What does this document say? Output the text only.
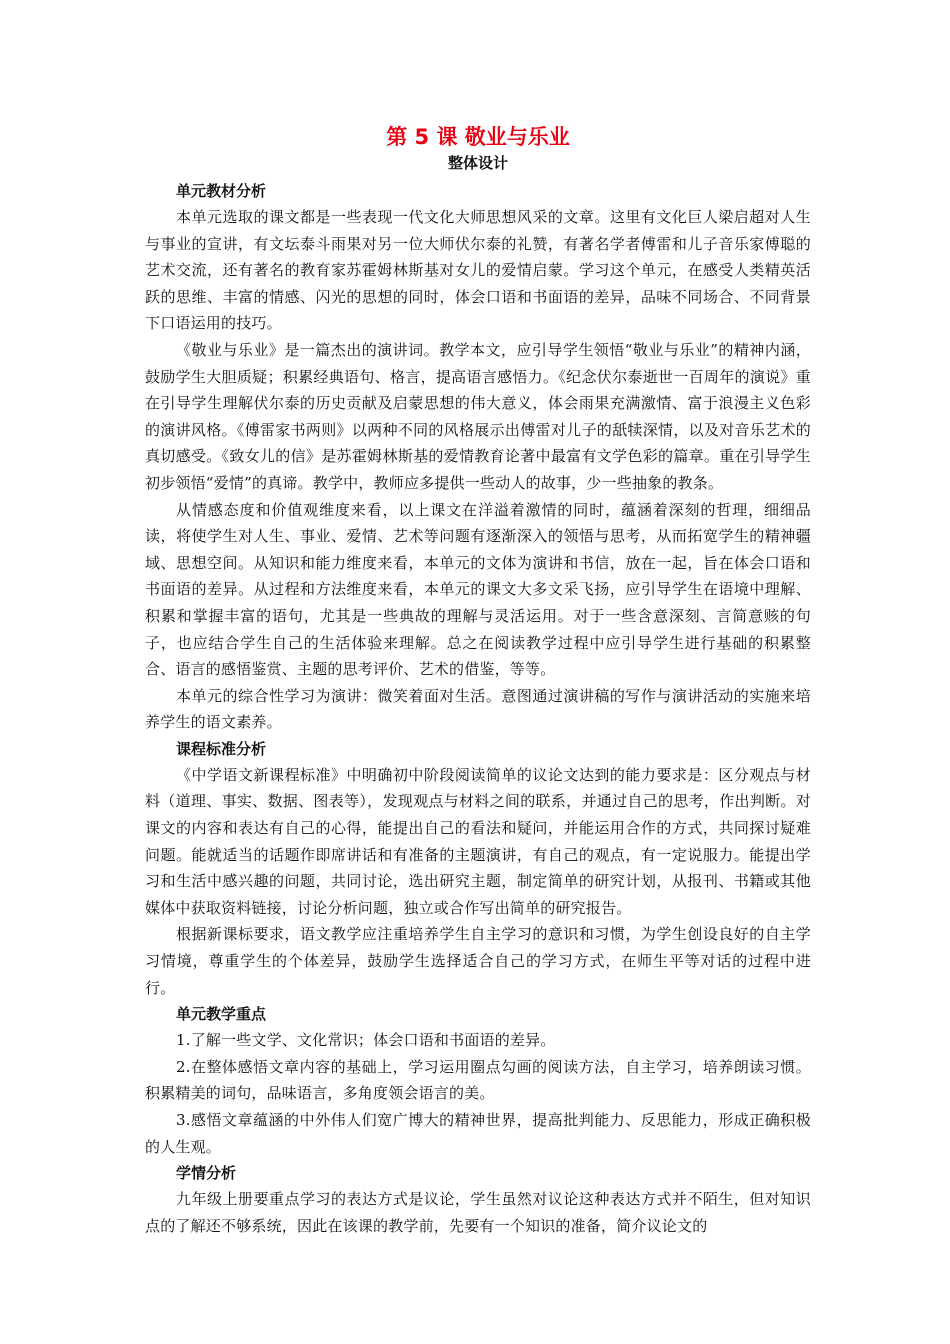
第 5 课 敬业与乐业
整体设计

单元教材分析

本单元选取的课文都是一些表现一代文化大师思想风采的文章。这里有文化巨人梁启超对人生与事业的宣讲，有文坛泰斗雨果对另一位大师伏尔泰的礼赞，有著名学者傅雷和儿子音乐家傅聪的艺术交流，还有著名的教育家苏霍姆林斯基对女儿的爱情启蒙。学习这个单元，在感受人类精英活跃的思维、丰富的情感、闪光的思想的同时，体会口语和书面语的差异，品味不同场合、不同背景下口语运用的技巧。

《敬业与乐业》是一篇杰出的演讲词。教学本文，应引导学生领悟“敬业与乐业”的精神内涵，鼓励学生大胆质疑；积累经典语句、格言，提高语言感悟力。《纪念伏尔泰逝世一百周年的演说》重在引导学生理解伏尔泰的历史贡献及启蒙思想的伟大意义，体会雨果充满激情、富于浪漫主义色彩的演讲风格。《傅雷家书两则》以两种不同的风格展示出傅雷对儿子的舐犊深情，以及对音乐艺术的真切感受。《致女儿的信》是苏霍姆林斯基的爱情教育论著中最富有文学色彩的篇章。重在引导学生初步领悟“爱情”的真谛。教学中，教师应多提供一些动人的故事，少一些抽象的教条。

从情感态度和价值观维度来看，以上课文在洋溢着激情的同时，蕴涵着深刻的哲理，细细品读，将使学生对人生、事业、爱情、艺术等问题有逐渐深入的领悟与思考，从而拓宽学生的精神疆域、思想空间。从知识和能力维度来看，本单元的文体为演讲和书信，放在一起，旨在体会口语和书面语的差异。从过程和方法维度来看，本单元的课文大多文采飞扬，应引导学生在语境中理解、积累和掌握丰富的语句，尤其是一些典故的理解与灵活运用。对于一些含意深刻、言简意赅的句子，也应结合学生自己的生活体验来理解。总之在阅读教学过程中应引导学生进行基础的积累整合、语言的感悟鉴赏、主题的思考评价、艺术的借鉴，等等。

本单元的综合性学习为演讲：微笑着面对生活。意图通过演讲稿的写作与演讲活动的实施来培养学生的语文素养。

课程标准分析

《中学语文新课程标准》中明确初中阶段阅读简单的议论文达到的能力要求是：区分观点与材料（道理、事实、数据、图表等），发现观点与材料之间的联系，并通过自己的思考，作出判断。对课文的内容和表达有自己的心得，能提出自己的看法和疑问，并能运用合作的方式，共同探讨疑难问题。能就适当的话题作即席讲话和有准备的主题演讲，有自己的观点，有一定说服力。能提出学习和生活中感兴趣的问题，共同讨论，选出研究主题，制定简单的研究计划，从报刊、书籍或其他媒体中获取资料链接，讨论分析问题，独立或合作写出简单的研究报告。

根据新课标要求，语文教学应注重培养学生自主学习的意识和习惯，为学生创设良好的自主学习情境，尊重学生的个体差异，鼓励学生选择适合自己的学习方式，在师生平等对话的过程中进行。

单元教学重点

1.了解一些文学、文化常识；体会口语和书面语的差异。

2.在整体感悟文章内容的基础上，学习运用圈点勾画的阅读方法，自主学习，培养朗读习惯。积累精美的词句，品味语言，多角度领会语言的美。

3.感悟文章蕴涵的中外伟人们宽广博大的精神世界，提高批判能力、反思能力，形成正确积极的人生观。

学情分析

九年级上册要重点学习的表达方式是议论，学生虽然对议论这种表达方式并不陌生，但对知识点的了解还不够系统，因此在该课的教学前，先要有一个知识的准备，简介议论文的
